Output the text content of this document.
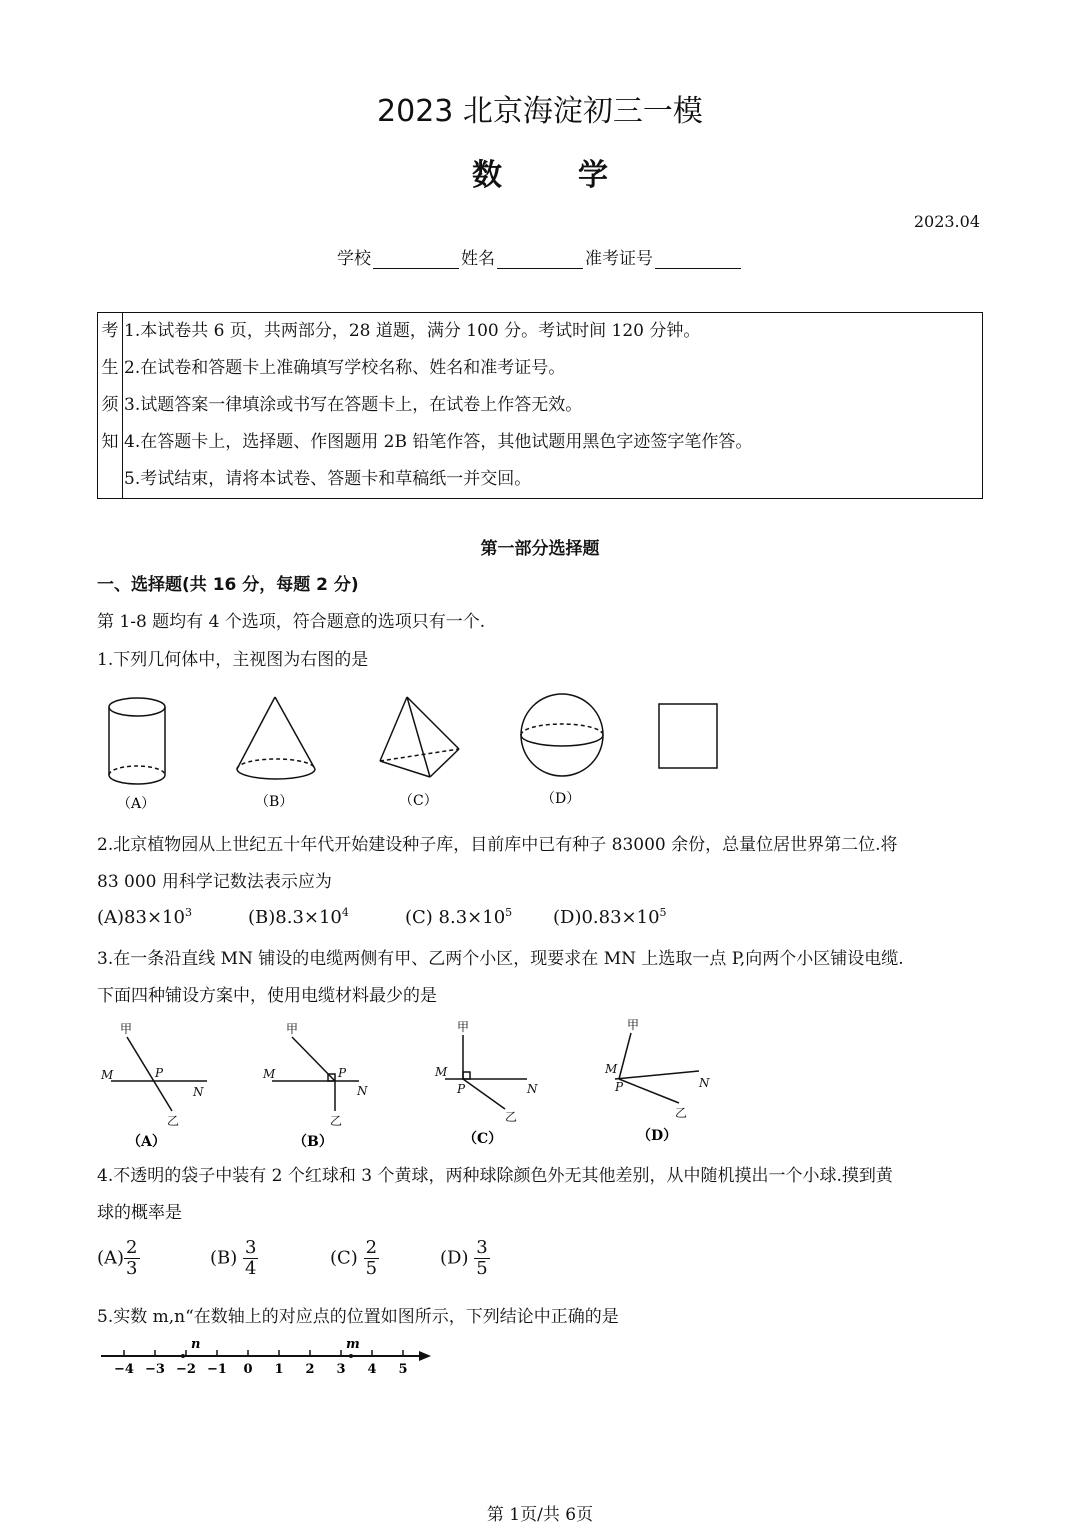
2023 北京海淀初三一模
数	学
2023.04
学校	姓名	准考证号
考
生
须
知
1.本试卷共 6 页，共两部分，28 道题，满分 100 分。考试时间 120 分钟。
2.在试卷和答题卡上准确填写学校名称、姓名和准考证号。
3.试题答案一律填涂或书写在答题卡上，在试卷上作答无效。
4.在答题卡上，选择题、作图题用 2B 铅笔作答，其他试题用黑色字迹签字笔作答。
5.考试结束，请将本试卷、答题卡和草稿纸一并交回。
第一部分选择题
一、选择题(共 16 分，每题 2 分)
第 1-8 题均有 4 个选项，符合题意的选项只有一个.
1.下列几何体中，主视图为右图的是
（A）	（B）	（C）	（D）
2.北京植物园从上世纪五十年代开始建设种子库，目前库中已有种子 83000 余份，总量位居世界第二位.将
83 000 用科学记数法表示应为
$(A)83\times 10^3$	$(B)8.3\times 10^4$	(C) $8.3\times 10^5$ $(D)0.83\times 10^5$
3.在一条沿直线 MN 铺设的电缆两侧有甲、乙两个小区，现要求在 MN 上选取一点 P,向两个小区铺设电缆.
下面四种铺设方案中，使用电缆材料最少的是
甲
M	P
N
乙
甲
M	P
N
乙
甲
M
P	N
乙
甲
M
P	N
乙
（A）	（B）	（C）	（D）
4.不透明的袋子中装有 2 个红球和 3 个黄球，两种球除颜色外无其他差别，从中随机摸出一个小球.摸到黄
球的概率是
$(A) \frac{2}{3}$	$(B) \frac{3}{4}$	$(C) \frac{2}{5}$	$(D) \frac{3}{5}$
5.实数 m,n“在数轴上的对应点的位置如图所示，下列结论中正确的是
−4 −3 −2 −1 0 1 2 3 4 5
n	m
第 1页/共 6页
